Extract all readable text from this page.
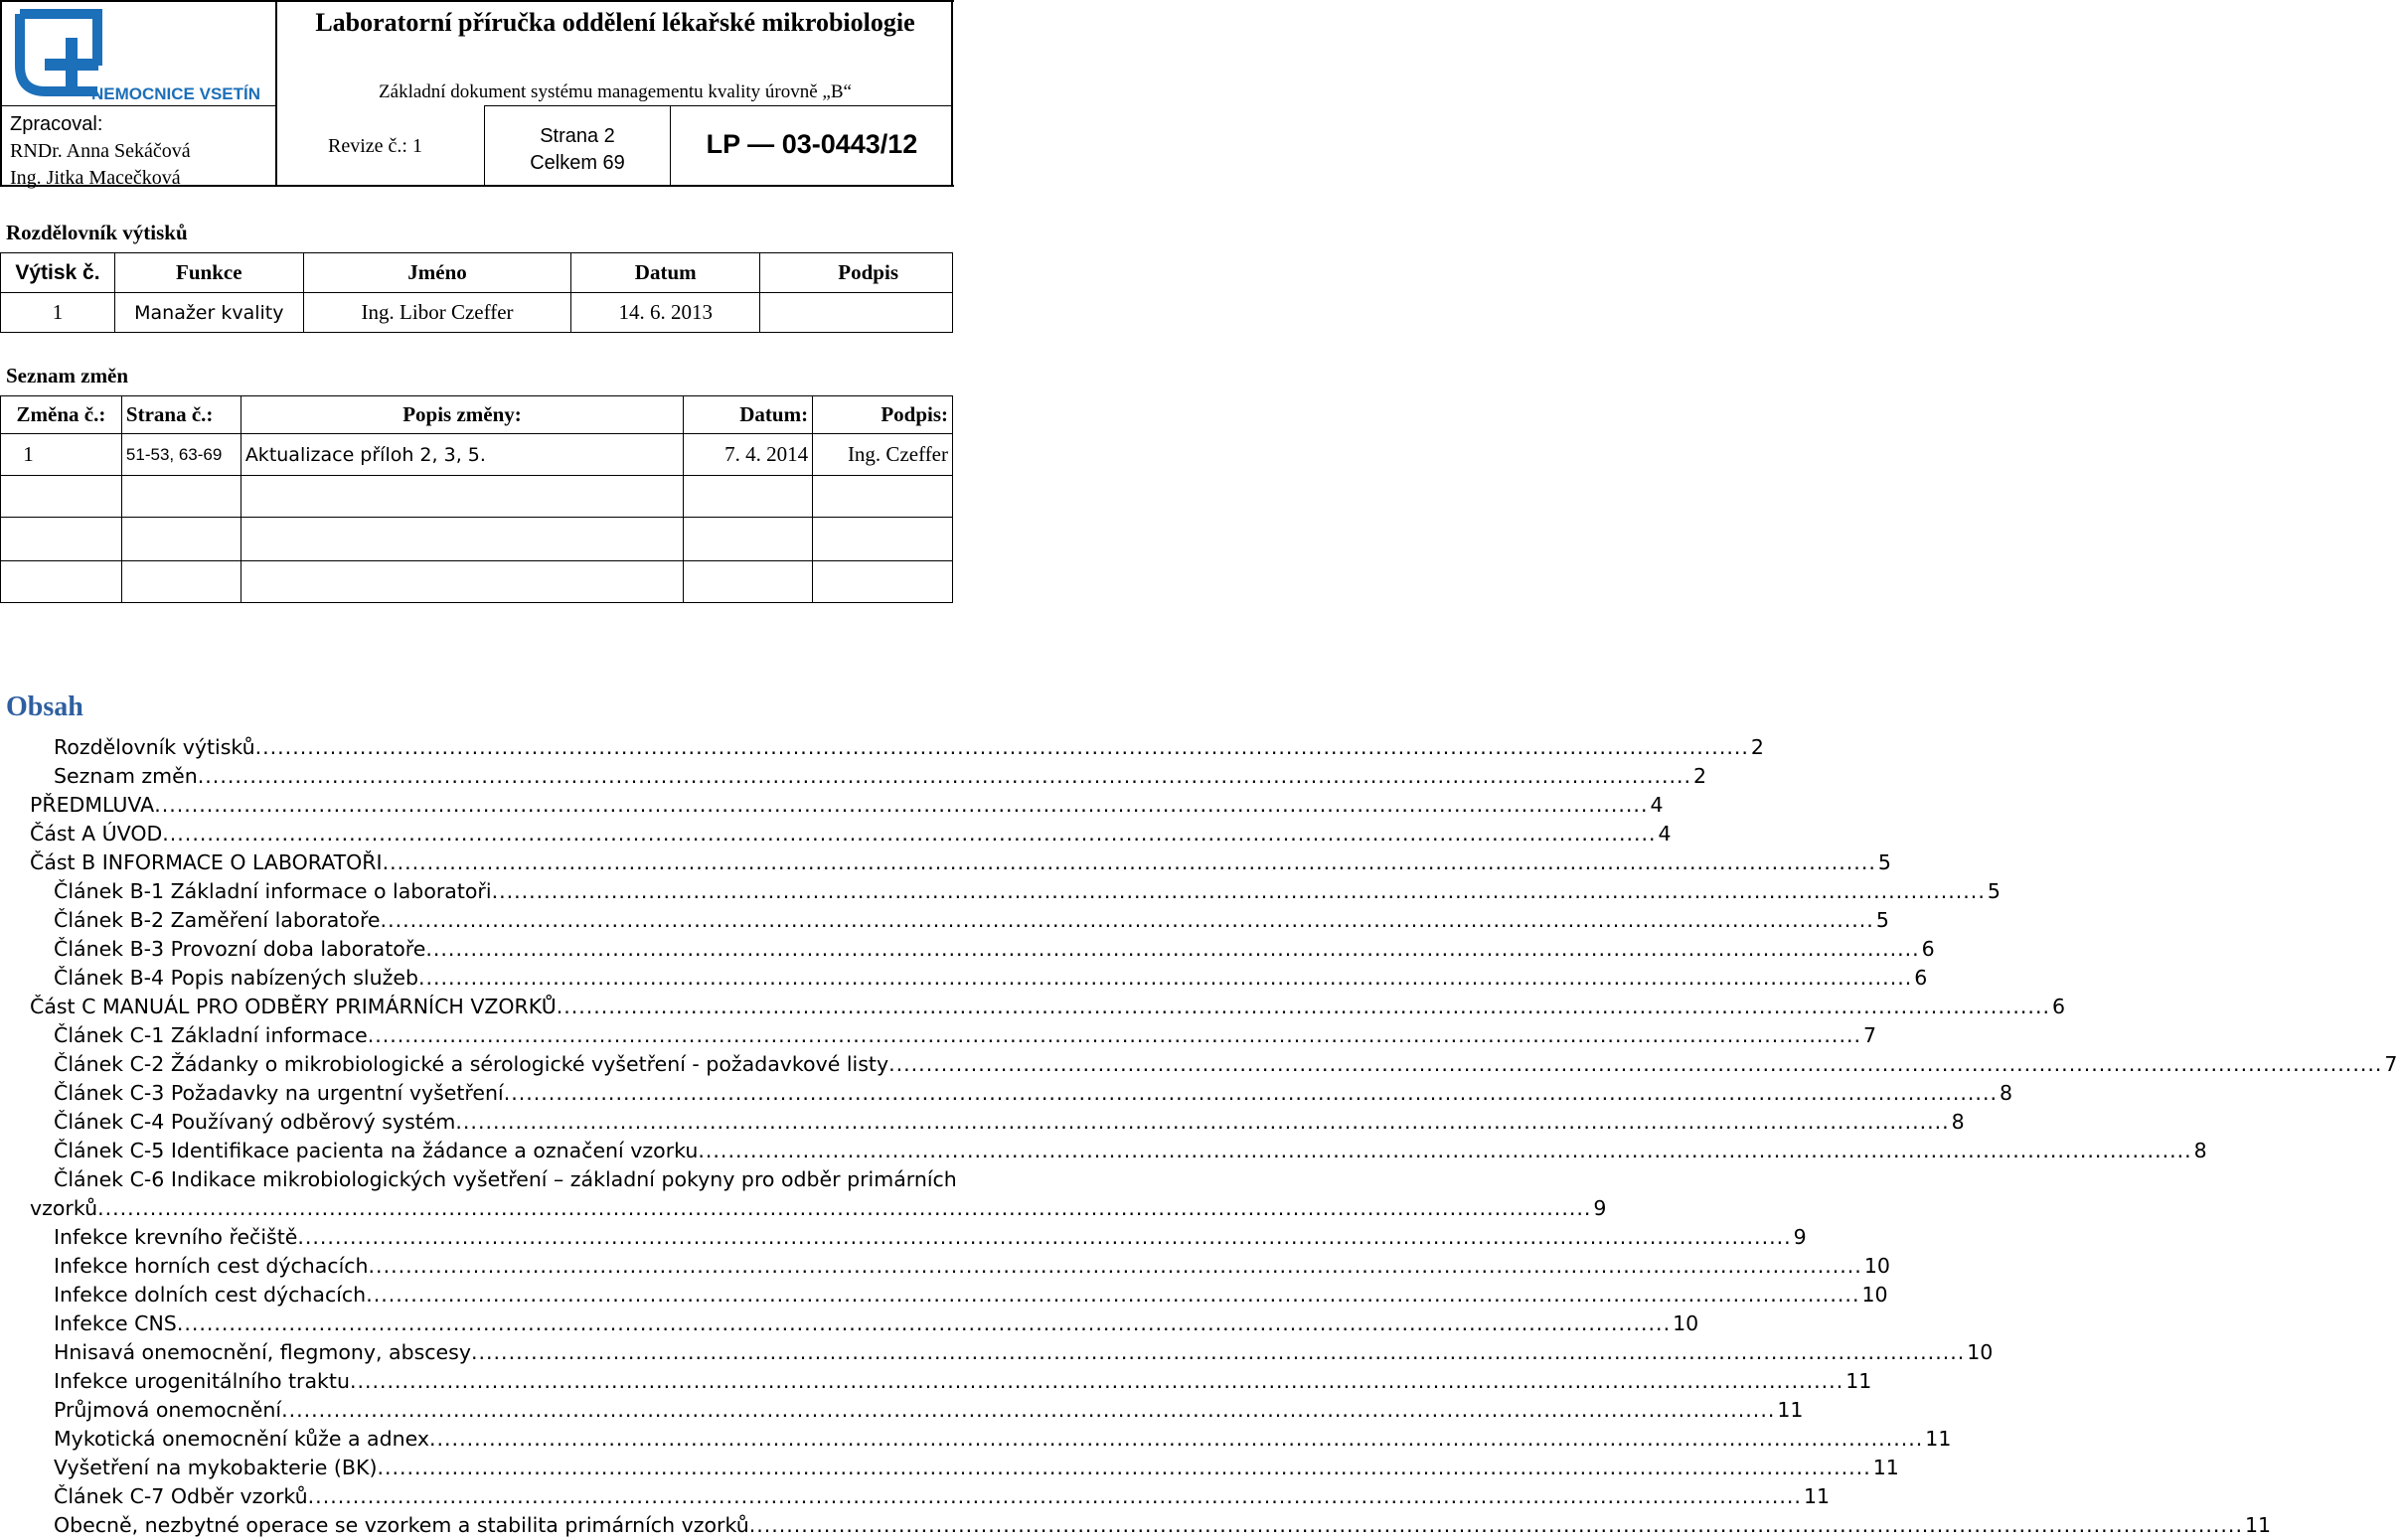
NEMOCNICE VSETÍN
Laboratorní příručka oddělení lékařské mikrobiologie
Základní dokument systému managementu kvality úrovně „B“
Zpracoval:
RNDr. Anna Sekáčová
Ing. Jitka Macečková
Revize č.: 1	Strana 2
Celkem 69
LP — 03-0443/12
Rozdělovník výtisků
Výtisk č.	Funkce	Jméno	Datum	Podpis
1	Manažer kvality	Ing. Libor Czeffer	14. 6. 2013	
Seznam změn
Změna č.:	Strana č.:	Popis změny:	Datum:	Podpis:
1	51-53, 63-69	Aktualizace příloh 2, 3, 5.	7. 4. 2014	Ing. Czeffer

Obsah
Rozdělovník výtisků ........................................................................................................................................................................................................ 2
Seznam změn ........................................................................................................................................................................................................ 2
PŘEDMLUVA ........................................................................................................................................................................................................ 4
Část A ÚVOD ........................................................................................................................................................................................................ 4
Část B INFORMACE O LABORATOŘI ........................................................................................................................................................................................................ 5
Článek B-1 Základní informace o laboratoři ........................................................................................................................................................................................................ 5
Článek B-2 Zaměření laboratoře ........................................................................................................................................................................................................ 5
Článek B-3 Provozní doba laboratoře ........................................................................................................................................................................................................ 6
Článek B-4 Popis nabízených služeb ........................................................................................................................................................................................................ 6
Část C MANUÁL PRO ODBĚRY PRIMÁRNÍCH VZORKŮ ........................................................................................................................................................................................................ 6
Článek C-1 Základní informace ........................................................................................................................................................................................................ 7
Článek C-2 Žádanky o mikrobiologické a sérologické vyšetření - požadavkové listy ........................................................................................................................................................................................................ 7
Článek C-3 Požadavky na urgentní vyšetření ........................................................................................................................................................................................................ 8
Článek C-4 Používaný odběrový systém ........................................................................................................................................................................................................ 8
Článek C-5 Identifikace pacienta na žádance a označení vzorku ........................................................................................................................................................................................................ 8
Článek C-6 Indikace mikrobiologických vyšetření – základní pokyny pro odběr primárních
vzorků ........................................................................................................................................................................................................ 9
Infekce krevního řečiště ........................................................................................................................................................................................................ 9
Infekce horních cest dýchacích ........................................................................................................................................................................................................ 10
Infekce dolních cest dýchacích ........................................................................................................................................................................................................ 10
Infekce CNS ........................................................................................................................................................................................................ 10
Hnisavá onemocnění, flegmony, abscesy ........................................................................................................................................................................................................ 10
Infekce urogenitálního traktu ........................................................................................................................................................................................................ 11
Průjmová onemocnění ........................................................................................................................................................................................................ 11
Mykotická onemocnění kůže a adnex ........................................................................................................................................................................................................ 11
Vyšetření na mykobakterie (BK) ........................................................................................................................................................................................................ 11
Článek C-7 Odběr vzorků ........................................................................................................................................................................................................ 11
Obecně, nezbytné operace se vzorkem a stabilita primárních vzorků ........................................................................................................................................................................................................ 11
